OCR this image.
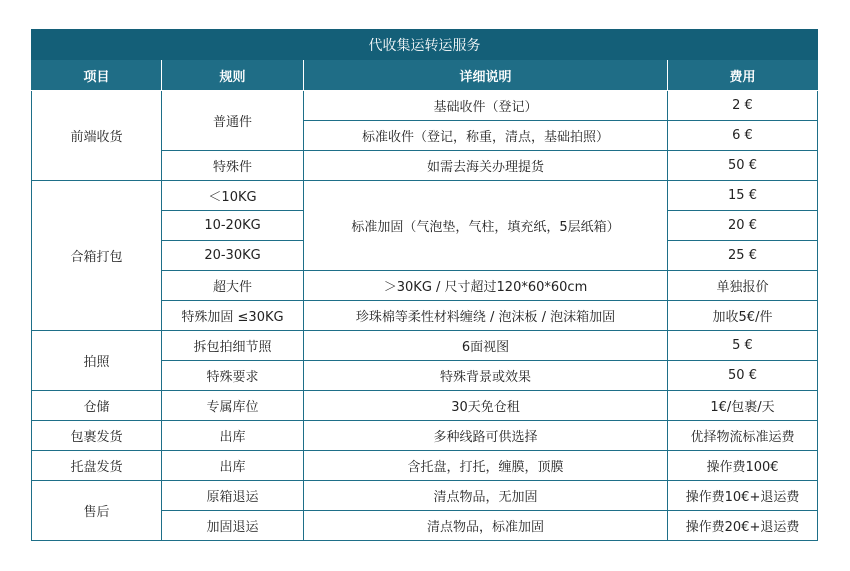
代收集运转运服务			
项目	规则	详细说明	费用
前端收货	普通件	基础收件（登记）	2 €
		标准收件（登记，称重，清点，基础拍照）	6 €
	特殊件	如需去海关办理提货	50 €
合箱打包	＜10KG	标准加固（气泡垫，气柱，填充纸，5层纸箱）	15 €
	10-20KG		20 €
	20-30KG		25 €
	超大件	＞30KG / 尺寸超过120*60*60cm	单独报价
	特殊加固 ≤30KG	珍珠棉等柔性材料缠绕 / 泡沫板 / 泡沫箱加固	加收5€/件
拍照	拆包拍细节照	6面视图	5 €
	特殊要求	特殊背景或效果	50 €
仓储	专属库位	30天免仓租	1€/包裹/天
包裹发货	出库	多种线路可供选择	优择物流标准运费
托盘发货	出库	含托盘，打托，缠膜，顶膜	操作费100€
售后	原箱退运	清点物品，无加固	操作费10€+退运费
	加固退运	清点物品，标准加固	操作费20€+退运费
